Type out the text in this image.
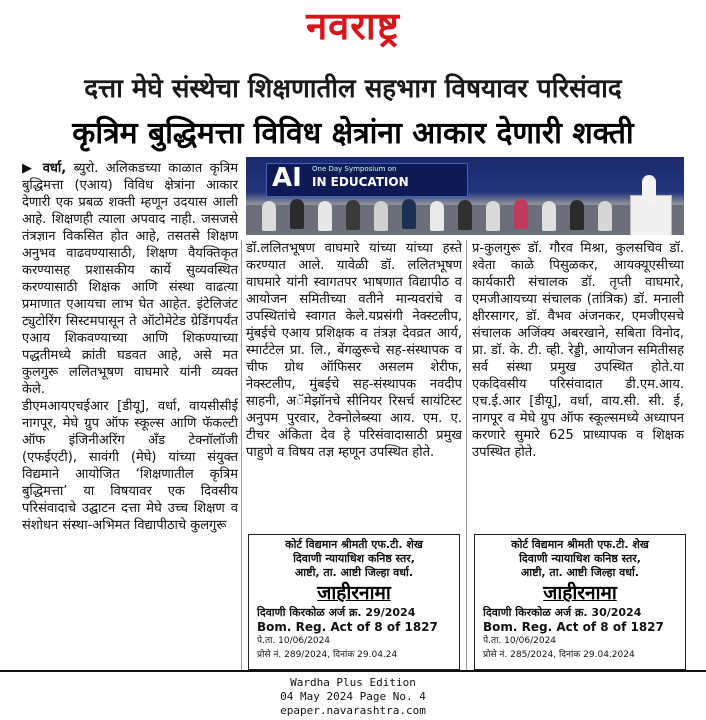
नवराष्ट्र
दत्ता मेघे संस्थेचा शिक्षणातील सहभाग विषयावर परिसंवाद
कृत्रिम बुद्धिमत्ता विविध क्षेत्रांना आकार देणारी शक्ती

▶ वर्धा, ब्युरो. अलिकडच्या काळात कृत्रिम बुद्धिमत्ता (एआय) विविध क्षेत्रांना आकार देणारी एक प्रबळ शक्ती म्हणून उदयास आली आहे. शिक्षणही त्याला अपवाद नाही. जसजसे तंत्रज्ञान विकसित होत आहे, तसतसे शिक्षण अनुभव वाढवण्यासाठी, शिक्षण वैयक्तिकृत करण्यासह प्रशासकीय कार्ये सुव्यवस्थित करण्यासाठी शिक्षक आणि संस्था वाढत्या प्रमाणात एआयचा लाभ घेत आहेत. इंटेलिजंट ट्युटोरिंग सिस्टमपासून ते ऑटोमेटेड ग्रेडिंगपर्यंत एआय शिकवण्याच्या आणि शिकण्याच्या पद्धतीमध्ये क्रांती घडवत आहे, असे मत कुलगुरू ललितभूषण वाघमारे यांनी व्यक्त केले.

डीएमआयएचईआर [डीयू], वर्धा, वायसीसीई नागपूर, मेघे ग्रुप ऑफ स्कूल्स आणि फॅकल्टी ऑफ इंजिनीअरिंग अँड टेक्नॉलॉजी (एफईएटी), सावंगी (मेघे) यांच्या संयुक्त विद्यमाने आयोजित ‘शिक्षणातील कृत्रिम बुद्धिमत्ता’ या विषयावर एक दिवसीय परिसंवादाचे उद्घाटन दत्ता मेघे उच्च शिक्षण व संशोधन संस्था-अभिमत विद्यापीठाचे कुलगुरू

AI One Day Symposium on
IN EDUCATION

डॉ.ललितभूषण वाघमारे यांच्या यांच्या हस्ते करण्यात आले. यावेळी डॉ. ललितभूषण वाघमारे यांनी स्वागतपर भाषणात विद्यापीठ व आयोजन समितीच्या वतीने मान्यवरांचे व उपस्थितांचे स्वागत केले.यप्रसंगी नेक्स्टलीप, मुंबईचे एआय प्रशिक्षक व तंत्रज्ञ देवव्रत आर्य, स्मार्टटेल प्रा. लि., बेंगळुरूचे सह-संस्थापक व चीफ ग्रोथ ऑफिसर असलम शेरीफ, नेक्स्टलीप, मुंबईचे सह-संस्थापक नवदीप साहनी, अॅमेझॉनचे सीनियर रिसर्च सायंटिस्ट अनुपम पुरवार, टेक्नोलेब्स्या आय. एम. ए. टीचर अंकिता देव हे परिसंवादासाठी प्रमुख पाहुणे व विषय तज्ञ म्हणून उपस्थित होते.

प्र-कुलगुरू डॉ. गौरव मिश्रा, कुलसचिव डॉ. श्वेता काळे पिसुळकर, आयक्यूएसीच्या कार्यकारी संचालक डॉ. तृप्ती वाघमारे, एमजीआयच्या संचालक (तांत्रिक) डॉ. मनाली क्षीरसागर, डॉ. वैभव अंजनकर, एमजीएसचे संचालक अजिंक्य अबरखाने, सबिता विनोद, प्रा. डॉ. के. टी. व्ही. रेड्डी, आयोजन समितीसह सर्व संस्था प्रमुख उपस्थित होते.या एकदिवसीय परिसंवादात डी.एम.आय. एच.ई.आर [डीयू], वर्धा, वाय.सी. सी. ई, नागपूर व मेघे ग्रुप ऑफ स्कूल्समध्ये अध्यापन करणारे सुमारे 625 प्राध्यापक व शिक्षक उपस्थित होते.

कोर्ट विद्यमान श्रीमती एफ.टी. शेख
दिवाणी न्यायाधिश कनिष्ठ स्तर,
आष्टी, ता. आष्टी जिल्हा वर्धा.
जाहीरनामा
दिवाणी किरकोळ अर्ज क्र. 29/2024
Bom. Reg. Act of 8 of 1827
पे.ता. 10/06/2024
प्रोसे नं. 289/2024, दिनांक 29.04.24
कोर्ट विद्यमान श्रीमती एफ.टी. शेख
दिवाणी न्यायाधिश कनिष्ठ स्तर,
आष्टी, ता. आष्टी जिल्हा वर्धा.
जाहीरनामा
दिवाणी किरकोळ अर्ज क्र. 30/2024
Bom. Reg. Act of 8 of 1827
पे.ता. 10/06/2024
प्रोसे नं. 285/2024, दिनांक 29.04.2024
Wardha Plus Edition
04 May 2024 Page No. 4
epaper.navarashtra.com
